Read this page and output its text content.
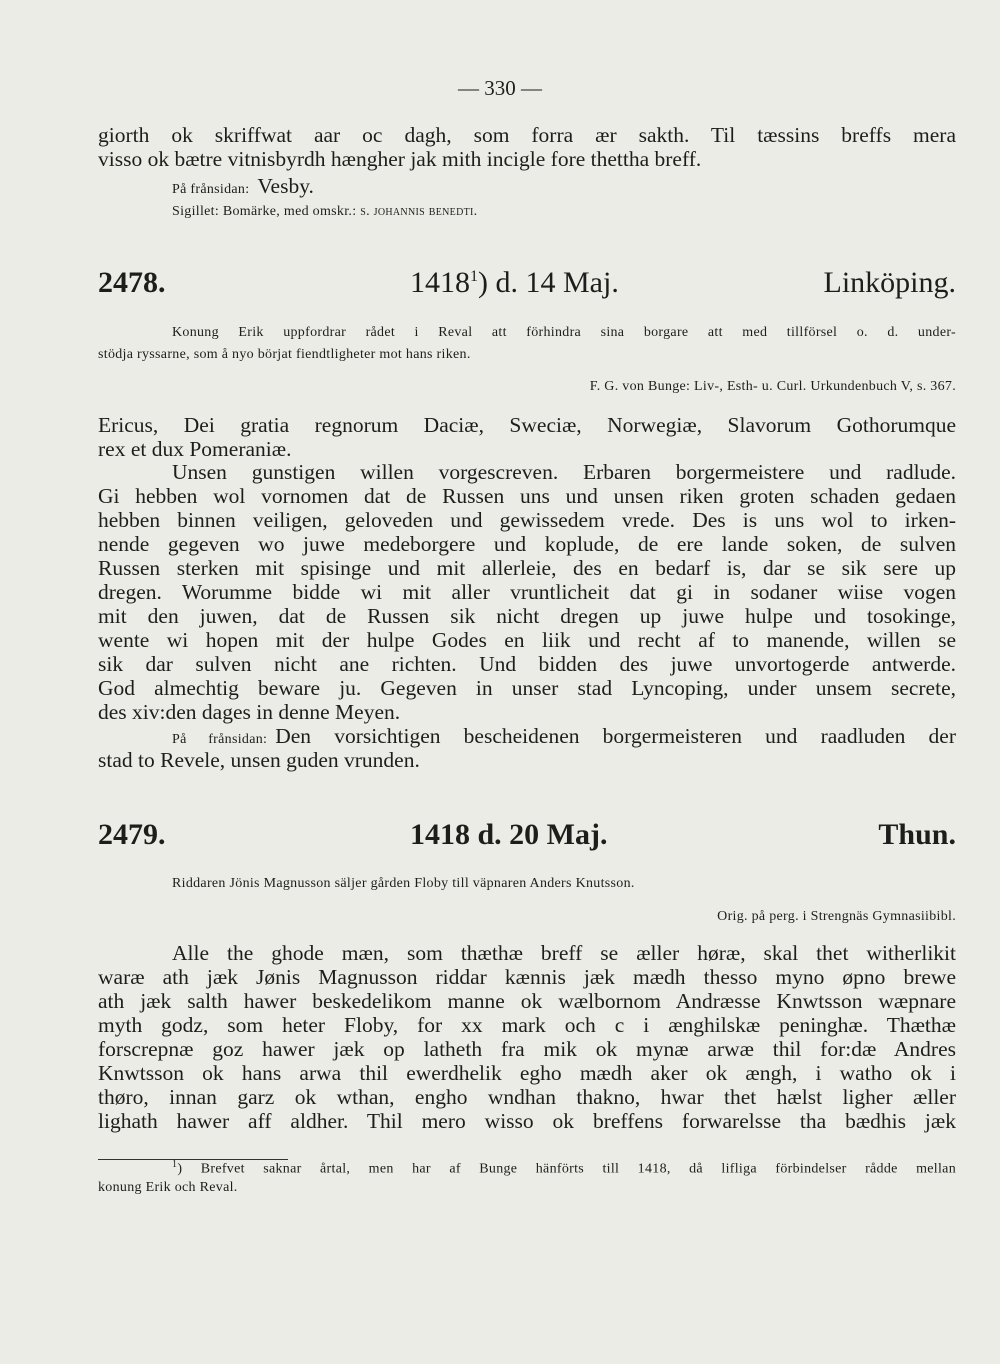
— 330 —

giorth ok skriffwat aar oc dagh, som forra ær sakth. Til tæssins breffs mera

visso ok bætre vitnisbyrdh hængher jak mith incigle fore thettha breff.

På frånsidan: Vesby.

Sigillet: Bomärke, med omskr.: s. johannis benedti.

2478.	1418$^1$) d. 14 Maj.	Linköping.

Konung Erik uppfordrar rådet i Reval att förhindra sina borgare att med tillförsel o. d. under-

stödja ryssarne, som å nyo börjat fiendtligheter mot hans riken.

F. G. von Bunge: Liv-, Esth- u. Curl. Urkundenbuch V, s. 367.

Ericus, Dei gratia regnorum Daciæ, Sweciæ, Norwegiæ, Slavorum Gothorumque

rex et dux Pomeraniæ.

Unsen gunstigen willen vorgescreven. Erbaren borgermeistere und radlude.

Gi hebben wol vornomen dat de Russen uns und unsen riken groten schaden gedaen

hebben binnen veiligen, geloveden und gewissedem vrede. Des is uns wol to irken-

nende gegeven wo juwe medeborgere und koplude, de ere lande soken, de sulven

Russen sterken mit spisinge und mit allerleie, des en bedarf is, dar se sik sere up

dregen. Worumme bidde wi mit aller vruntlicheit dat gi in sodaner wiise vogen

mit den juwen, dat de Russen sik nicht dregen up juwe hulpe und tosokinge,

wente wi hopen mit der hulpe Godes en liik und recht af to manende, willen se

sik dar sulven nicht ane richten. Und bidden des juwe unvortogerde antwerde.

God almechtig beware ju. Gegeven in unser stad Lyncoping, under unsem secrete,

des xiv:den dages in denne Meyen.

På frånsidan: Den vorsichtigen bescheidenen borgermeisteren und raadluden der

stad to Revele, unsen guden vrunden.

2479.	1418 d. 20 Maj.	Thun.

Riddaren Jönis Magnusson säljer gården Floby till väpnaren Anders Knutsson.

Orig. på perg. i Strengnäs Gymnasiibibl.

Alle the ghode mæn, som thæthæ breff se æller høræ, skal thet witherlikit

waræ ath jæk Jønis Magnusson riddar kænnis jæk mædh thesso myno øpno brewe

ath jæk salth hawer beskedelikom manne ok wælbornom Andræsse Knwtsson wæpnare

myth godz, som heter Floby, for xx mark och c i ænghilskæ peninghæ. Thæthæ

forscrepnæ goz hawer jæk op latheth fra mik ok mynæ arwæ thil for:dæ Andres

Knwtsson ok hans arwa thil ewerdhelik egho mædh aker ok ængh, i watho ok i

thøro, innan garz ok wthan, engho wndhan thakno, hwar thet hælst ligher æller

lighath hawer aff aldher. Thil mero wisso ok breffens forwarelsse tha bædhis jæk

$^1$) Brefvet saknar årtal, men har af Bunge hänförts till 1418, då lifliga förbindelser rådde mellan

konung Erik och Reval.
